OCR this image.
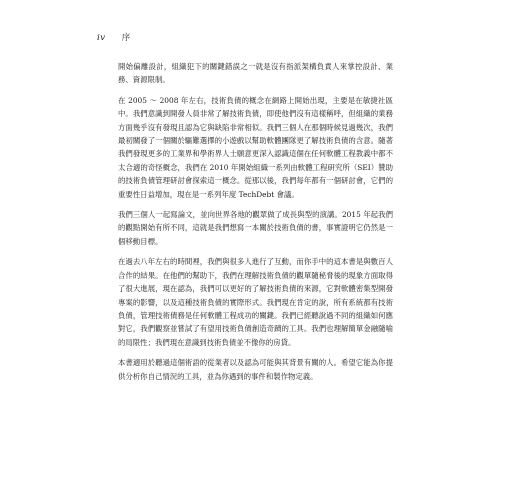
iv 序

開始偏離設計，組織犯下的關鍵錯誤之一就是沒有指派架構負責人來掌控設計、業務、資源限制。

在 2005 ～ 2008 年左右，技術負債的概念在網路上開始出現，主要是在敏捷社區中。我們意識到開發人員非常了解技術負債，即使他們沒有這樣稱呼，但組織的業務方面幾乎沒有發現且認為它與缺陷非常相似。我們三個人在那個時候見過幾次，我們最初關發了一個關於驅難選擇的小遊戲以幫助軟體團隊更了解技術負債的含意。隨著我們發現更多的工業界和學術界人士願意更深入認識這個在任何軟體工程教義中都不太合適的奇怪概念，我們在 2010 年開始組織一系列由軟體工程研究所（SEI）贊助的技術負債管理研討會探索這一概念。從那以後，我們每年都有一個研討會，它們的重要性日益增加，現在是一系列年度 TechDebt 會議。

我們三個人一起寫論文，並向世界各地的觀眾做了成長與型的演講。2015 年起我們的觀點開始有所不同，這就是我們想寫一本關於技術負債的書，事實證明它仍然是一個移動目標。

在過去八年左右的時間裡，我們與很多人進行了互動，而你手中的這本書是與數百人合作的結果。在他們的幫助下，我們在理解技術負債的觀單隨秘脅後的現象方面取得了很大進展，現在認為，我們可以更好的了解技術負債的來源，它對軟體密集型開發專案的影響，以及這種技術負債的實際形式。我們現在肯定的說，所有系統都有技術負債，管理技術債務是任何軟體工程成功的關鍵。我們已經聽說過不同的組織如何應對它，我們觀察並嘗試了有望用技術負債創造奇蹟的工具。我們也理解簡單金融隨喻的局限性；我們現在意識到技術負債並不像你的房貸。

本書適用於聽過這個術語的從業者以及認為可能與其背景有關的人。希望它能為你提供分析你自己情況的工具，並為你遇到的事件和製作物定義。
